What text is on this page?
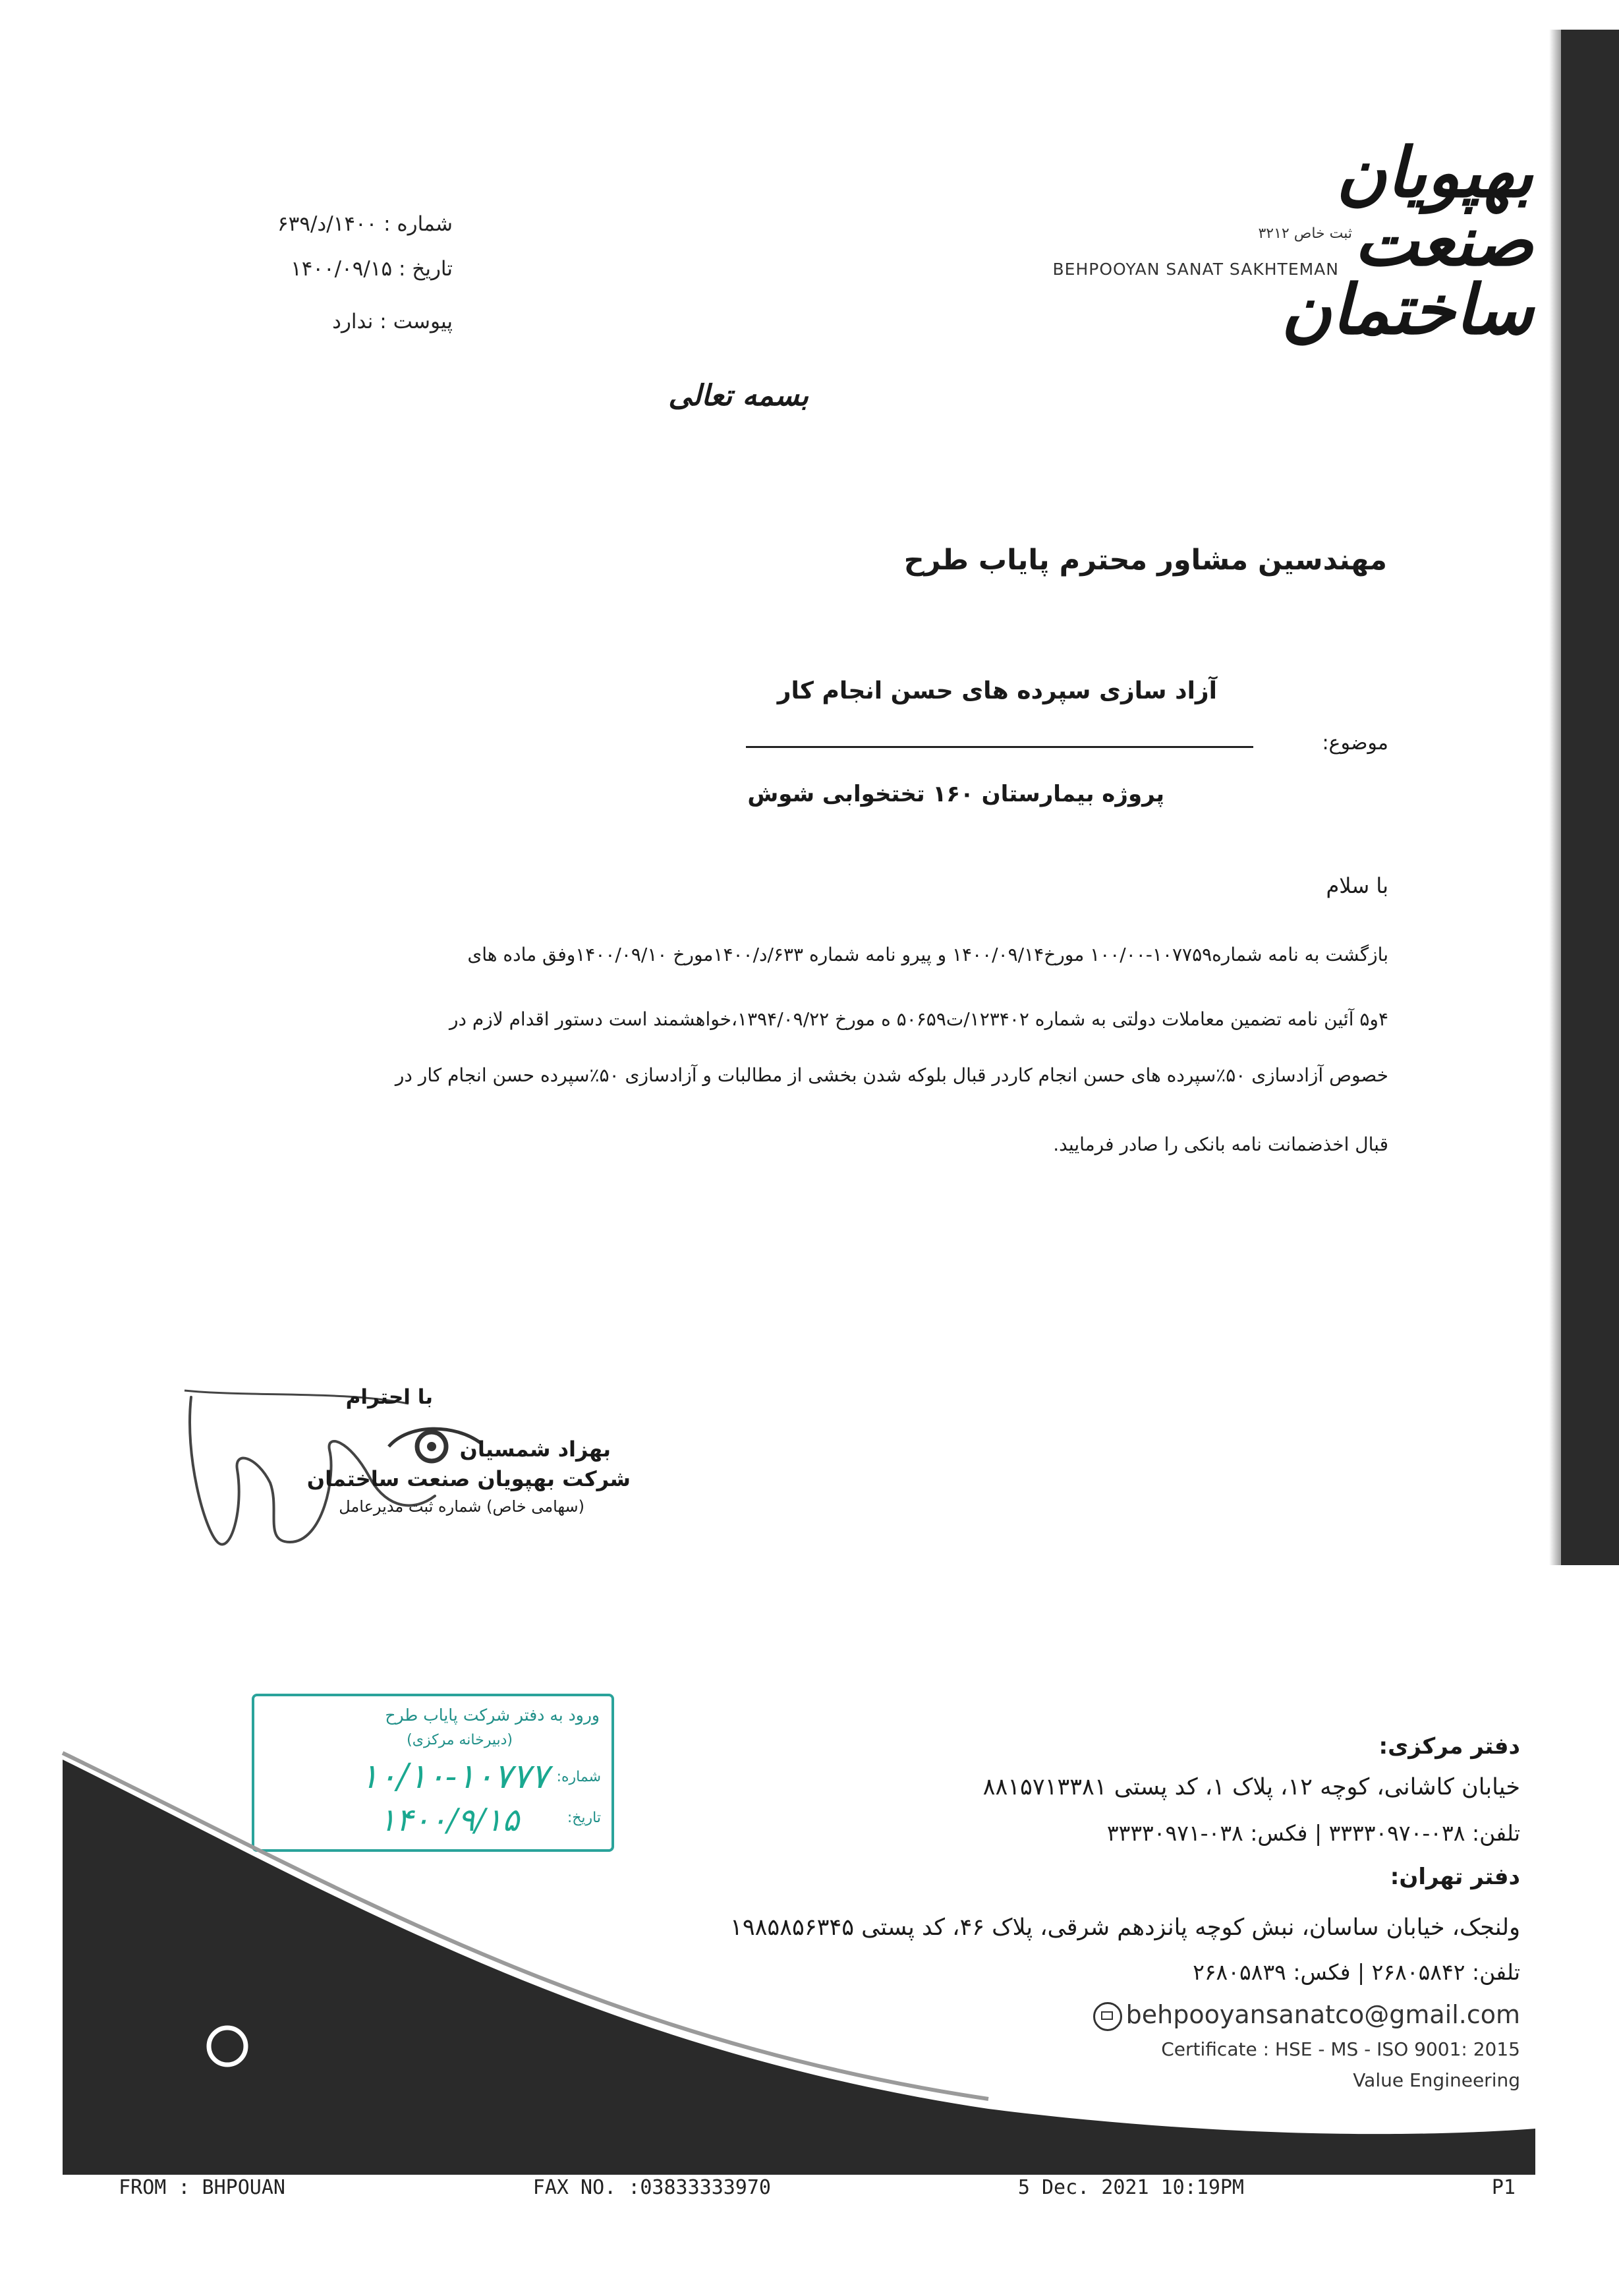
بهپویان صنعت ساختمان
ثبت خاص ۳۲۱۲
BEHPOOYAN SANAT SAKHTEMAN
شماره : ۱۴۰۰/د/۶۳۹
تاریخ : ۱۴۰۰/۰۹/۱۵
پیوست : ندارد
بسمه تعالی
مهندسین مشاور محترم پایاب طرح
آزاد سازی سپرده های حسن انجام کار
موضوع:
پروژه بیمارستان ۱۶۰ تختخوابی شوش
با سلام
بازگشت به نامه شماره۱۰۷۷۵۹-۱۰۰/۰۰ مورخ۱۴۰۰/۰۹/۱۴ و پیرو نامه شماره ۶۳۳/د/۱۴۰۰مورخ ۱۴۰۰/۰۹/۱۰وفق ماده های
۴و۵ آئین نامه تضمین معاملات دولتی به شماره ۱۲۳۴۰۲/ت۵۰۶۵۹ ه مورخ ۱۳۹۴/۰۹/۲۲،خواهشمند است دستور اقدام لازم در
خصوص آزادسازی ۵۰٪سپرده های حسن انجام کاردر قبال بلوکه شدن بخشی از مطالبات و آزادسازی ۵۰٪سپرده حسن انجام کار در
قبال اخذضمانت نامه بانکی را صادر فرمایید.
با احترام
بهزاد شمسیان
شرکت بهپویان صنعت ساختمان
(سهامی خاص) شماره ثبت مدیرعامل
ورود به دفتر شرکت پایاب طرح
(دبیرخانه مرکزی)
شماره:
۱۰/۱۰-۱۰۷۷۷
تاریخ:
۱۴۰۰/۹/۱۵
دفتر مرکزی:
خیابان کاشانی، کوچه ۱۲، پلاک ۱، کد پستی ۸۸۱۵۷۱۳۳۸۱
تلفن: ۰۳۸-۳۳۳۳۰۹۷۰ | فکس: ۰۳۸-۳۳۳۳۰۹۷۱
دفتر تهران:
ولنجک، خیابان ساسان، نبش کوچه پانزدهم شرقی، پلاک ۴۶، کد پستی ۱۹۸۵۸۵۶۳۴۵
تلفن: ۲۶۸۰۵۸۴۲ | فکس: ۲۶۸۰۵۸۳۹
behpooyansanatco@gmail.com
Certificate : HSE - MS - ISO 9001: 2015
Value Engineering
P1
5 Dec. 2021 10:19PM
FAX NO. :03833333970
FROM : BHPOUAN
